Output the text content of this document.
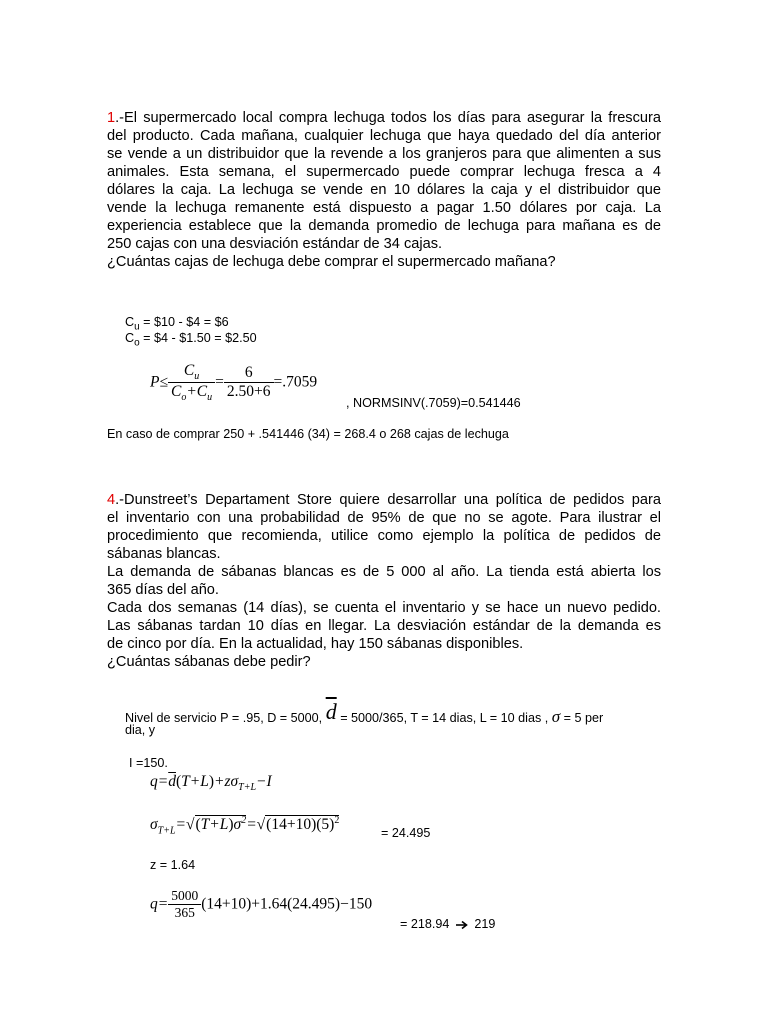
1.-El supermercado local compra lechuga todos los días para asegurar la frescura
del producto. Cada mañana, cualquier lechuga que haya quedado del día anterior
se vende a un distribuidor que la revende a los granjeros para que alimenten a sus
animales. Esta semana, el supermercado puede comprar lechuga fresca a 4
dólares la caja. La lechuga se vende en 10 dólares la caja y el distribuidor que
vende la lechuga remanente está dispuesto a pagar 1.50 dólares por caja. La
experiencia establece que la demanda promedio de lechuga para mañana es de
250 cajas con una desviación estándar de 34 cajas.
¿Cuántas cajas de lechuga debe comprar el supermercado mañana?
$C_u$ = $10 - $4 = $6
$C_o$ = $4 - $1.50 = $2.50
$P\le \frac{C_u}{C_o+C_u} = \frac{6}{2.50+6} =.7059$
, NORMSINV(.7059)=0.541446
En caso de comprar 250 + .541446 (34) = 268.4 o 268 cajas de lechuga
4.-Dunstreet’s Departament Store quiere desarrollar una política de pedidos para
el inventario con una probabilidad de 95% de que no se agote. Para ilustrar el
procedimiento que recomienda, utilice como ejemplo la política de pedidos de
sábanas blancas.
La demanda de sábanas blancas es de 5 000 al año. La tienda está abierta los
365 días del año.
Cada dos semanas (14 días), se cuenta el inventario y se hace un nuevo pedido.
Las sábanas tardan 10 días en llegar. La desviación estándar de la demanda es
de cinco por día. En la actualidad, hay 150 sábanas disponibles.
¿Cuántas sábanas debe pedir?
Nivel de servicio P = .95, D = 5000, $\overline{d} = 5000/365$, T = 14 dias, L = 10 dias , σ = 5 per
dia, y
I =150.
$q=\overline{d}(T+L)+z\sigma_{T+L}-I$
$\sigma_{T+L}=√(T+L)\sigma^2=√(14+10)(5)^2$
= 24.495
z = 1.64
$q= \frac{5000}{365} (14+10)+1.64(24.495)-150$
= 218.94 219
